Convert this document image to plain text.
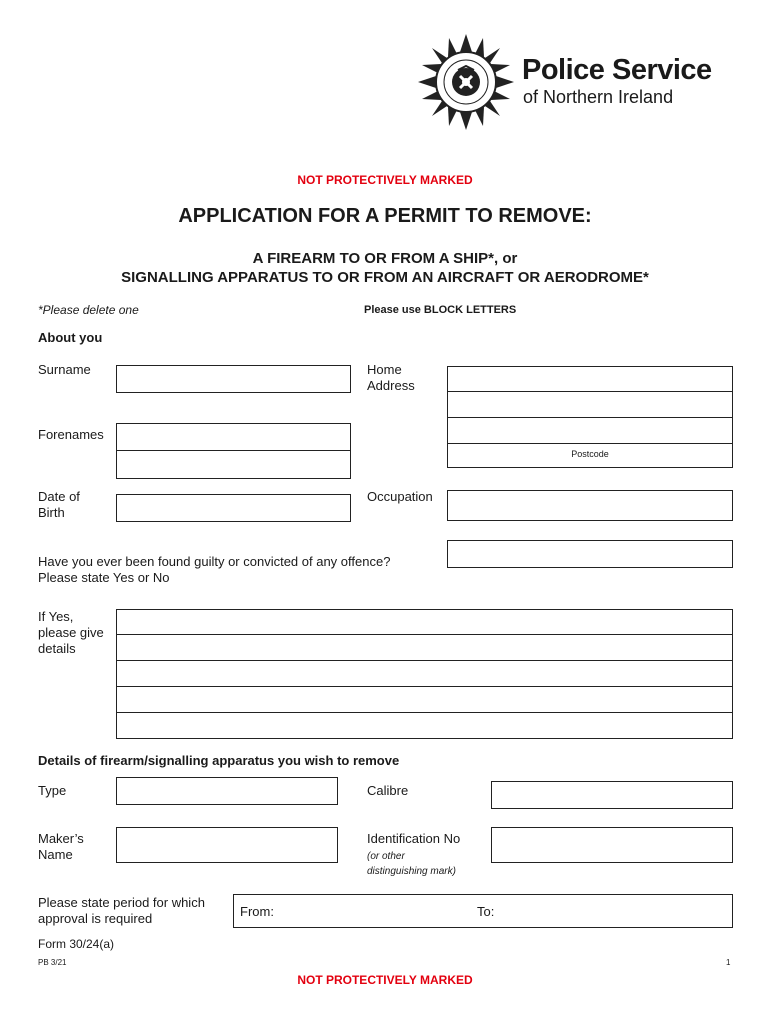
Police Service
of Northern Ireland
NOT PROTECTIVELY MARKED
APPLICATION FOR A PERMIT TO REMOVE:
A FIREARM TO OR FROM A SHIP*, or
SIGNALLING APPARATUS TO OR FROM AN AIRCRAFT OR AERODROME*
*Please delete one	Please use BLOCK LETTERS
About you
Surname	Home
Address
Postcode
Forenames
Date of
Birth
Occupation
Have you ever been found guilty or convicted of any offence?
Please state Yes or No
If Yes,
please give
details
Details of firearm/signalling apparatus you wish to remove
Type	Calibre
Maker’s
Name
Identification No
(or other
distinguishing mark)
Please state period for which
approval is required	From:	To:
Form 30/24(a)
PB 3/21	1
NOT PROTECTIVELY MARKED
